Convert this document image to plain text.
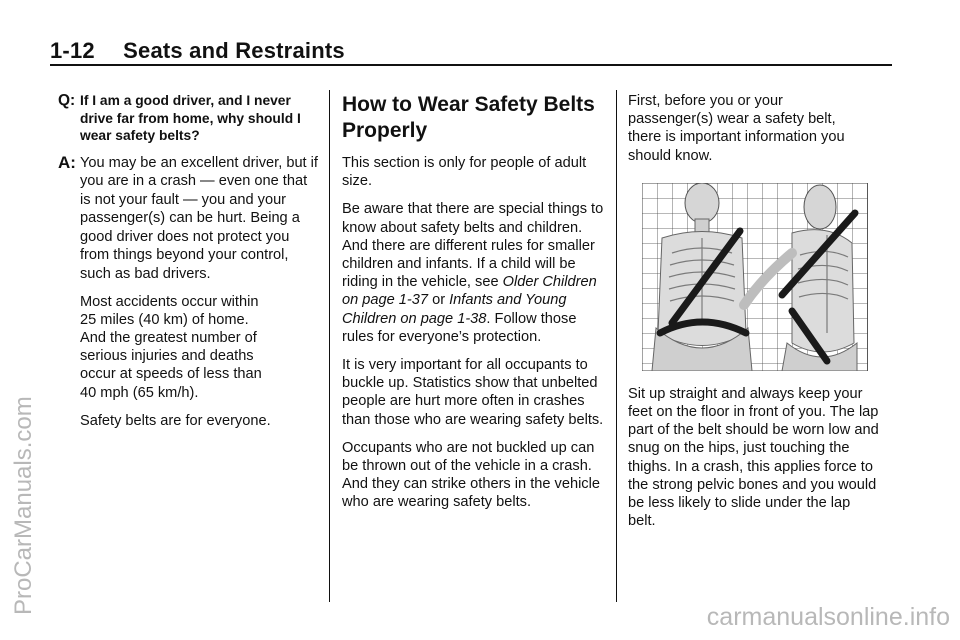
1-12 Seats and Restraints
Q: If I am a good driver, and I never drive far from home, why should I wear safety belts?
A: You may be an excellent driver, but if you are in a crash — even one that is not your fault — you and your passenger(s) can be hurt. Being a good driver does not protect you from things beyond your control, such as bad drivers.

Most accidents occur within 25 miles (40 km) of home. And the greatest number of serious injuries and deaths occur at speeds of less than 40 mph (65 km/h).

Safety belts are for everyone.

How to Wear Safety Belts Properly

This section is only for people of adult size.

Be aware that there are special things to know about safety belts and children. And there are different rules for smaller children and infants. If a child will be riding in the vehicle, see Older Children on page 1-37 or Infants and Young Children on page 1-38. Follow those rules for everyone’s protection.

It is very important for all occupants to buckle up. Statistics show that unbelted people are hurt more often in crashes than those who are wearing safety belts.

Occupants who are not buckled up can be thrown out of the vehicle in a crash. And they can strike others in the vehicle who are wearing safety belts.

First, before you or your passenger(s) wear a safety belt, there is important information you should know.

Sit up straight and always keep your feet on the floor in front of you. The lap part of the belt should be worn low and snug on the hips, just touching the thighs. In a crash, this applies force to the strong pelvic bones and you would be less likely to slide under the lap belt.

ProCarManuals.com
carmanualsonline.info
